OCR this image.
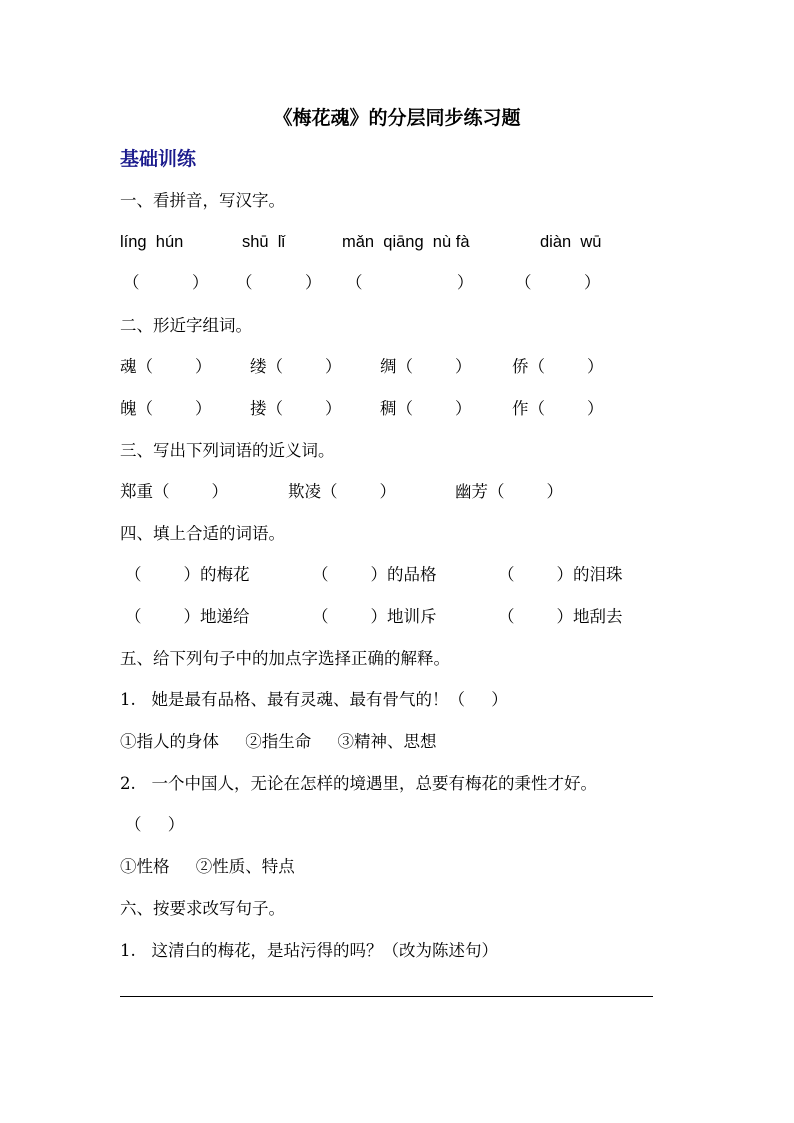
《梅花魂》的分层同步练习题
基础训练
一、看拼音，写汉字。
líng  hún	shū  lǐ	mǎn  qiāng  nù fà	diàn  wū
（          ） （          ） （                  ）	（          ）
二、形近字组词。
魂（        ） 缕（        ） 绸（        ） 侨（        ）
魄（        ） 搂（        ） 稠（        ） 作（        ）
三、写出下列词语的近义词。
郑重（        ）	欺凌（        ）	幽芳（        ）
四、填上合适的词语。
（        ）的梅花	（        ）的品格	（        ）的泪珠
（        ）地递给	（        ）地训斥	（        ）地刮去
五、给下列句子中的加点字选择正确的解释。
1.   她是最有品格、最有灵魂、最有骨气的！（     ）
①指人的身体     ②指生命     ③精神、思想
2.   一个中国人，无论在怎样的境遇里，总要有梅花的秉性才好。
（     ）
①性格     ②性质、特点
六、按要求改写句子。
1.   这清白的梅花，是玷污得的吗？（改为陈述句）
